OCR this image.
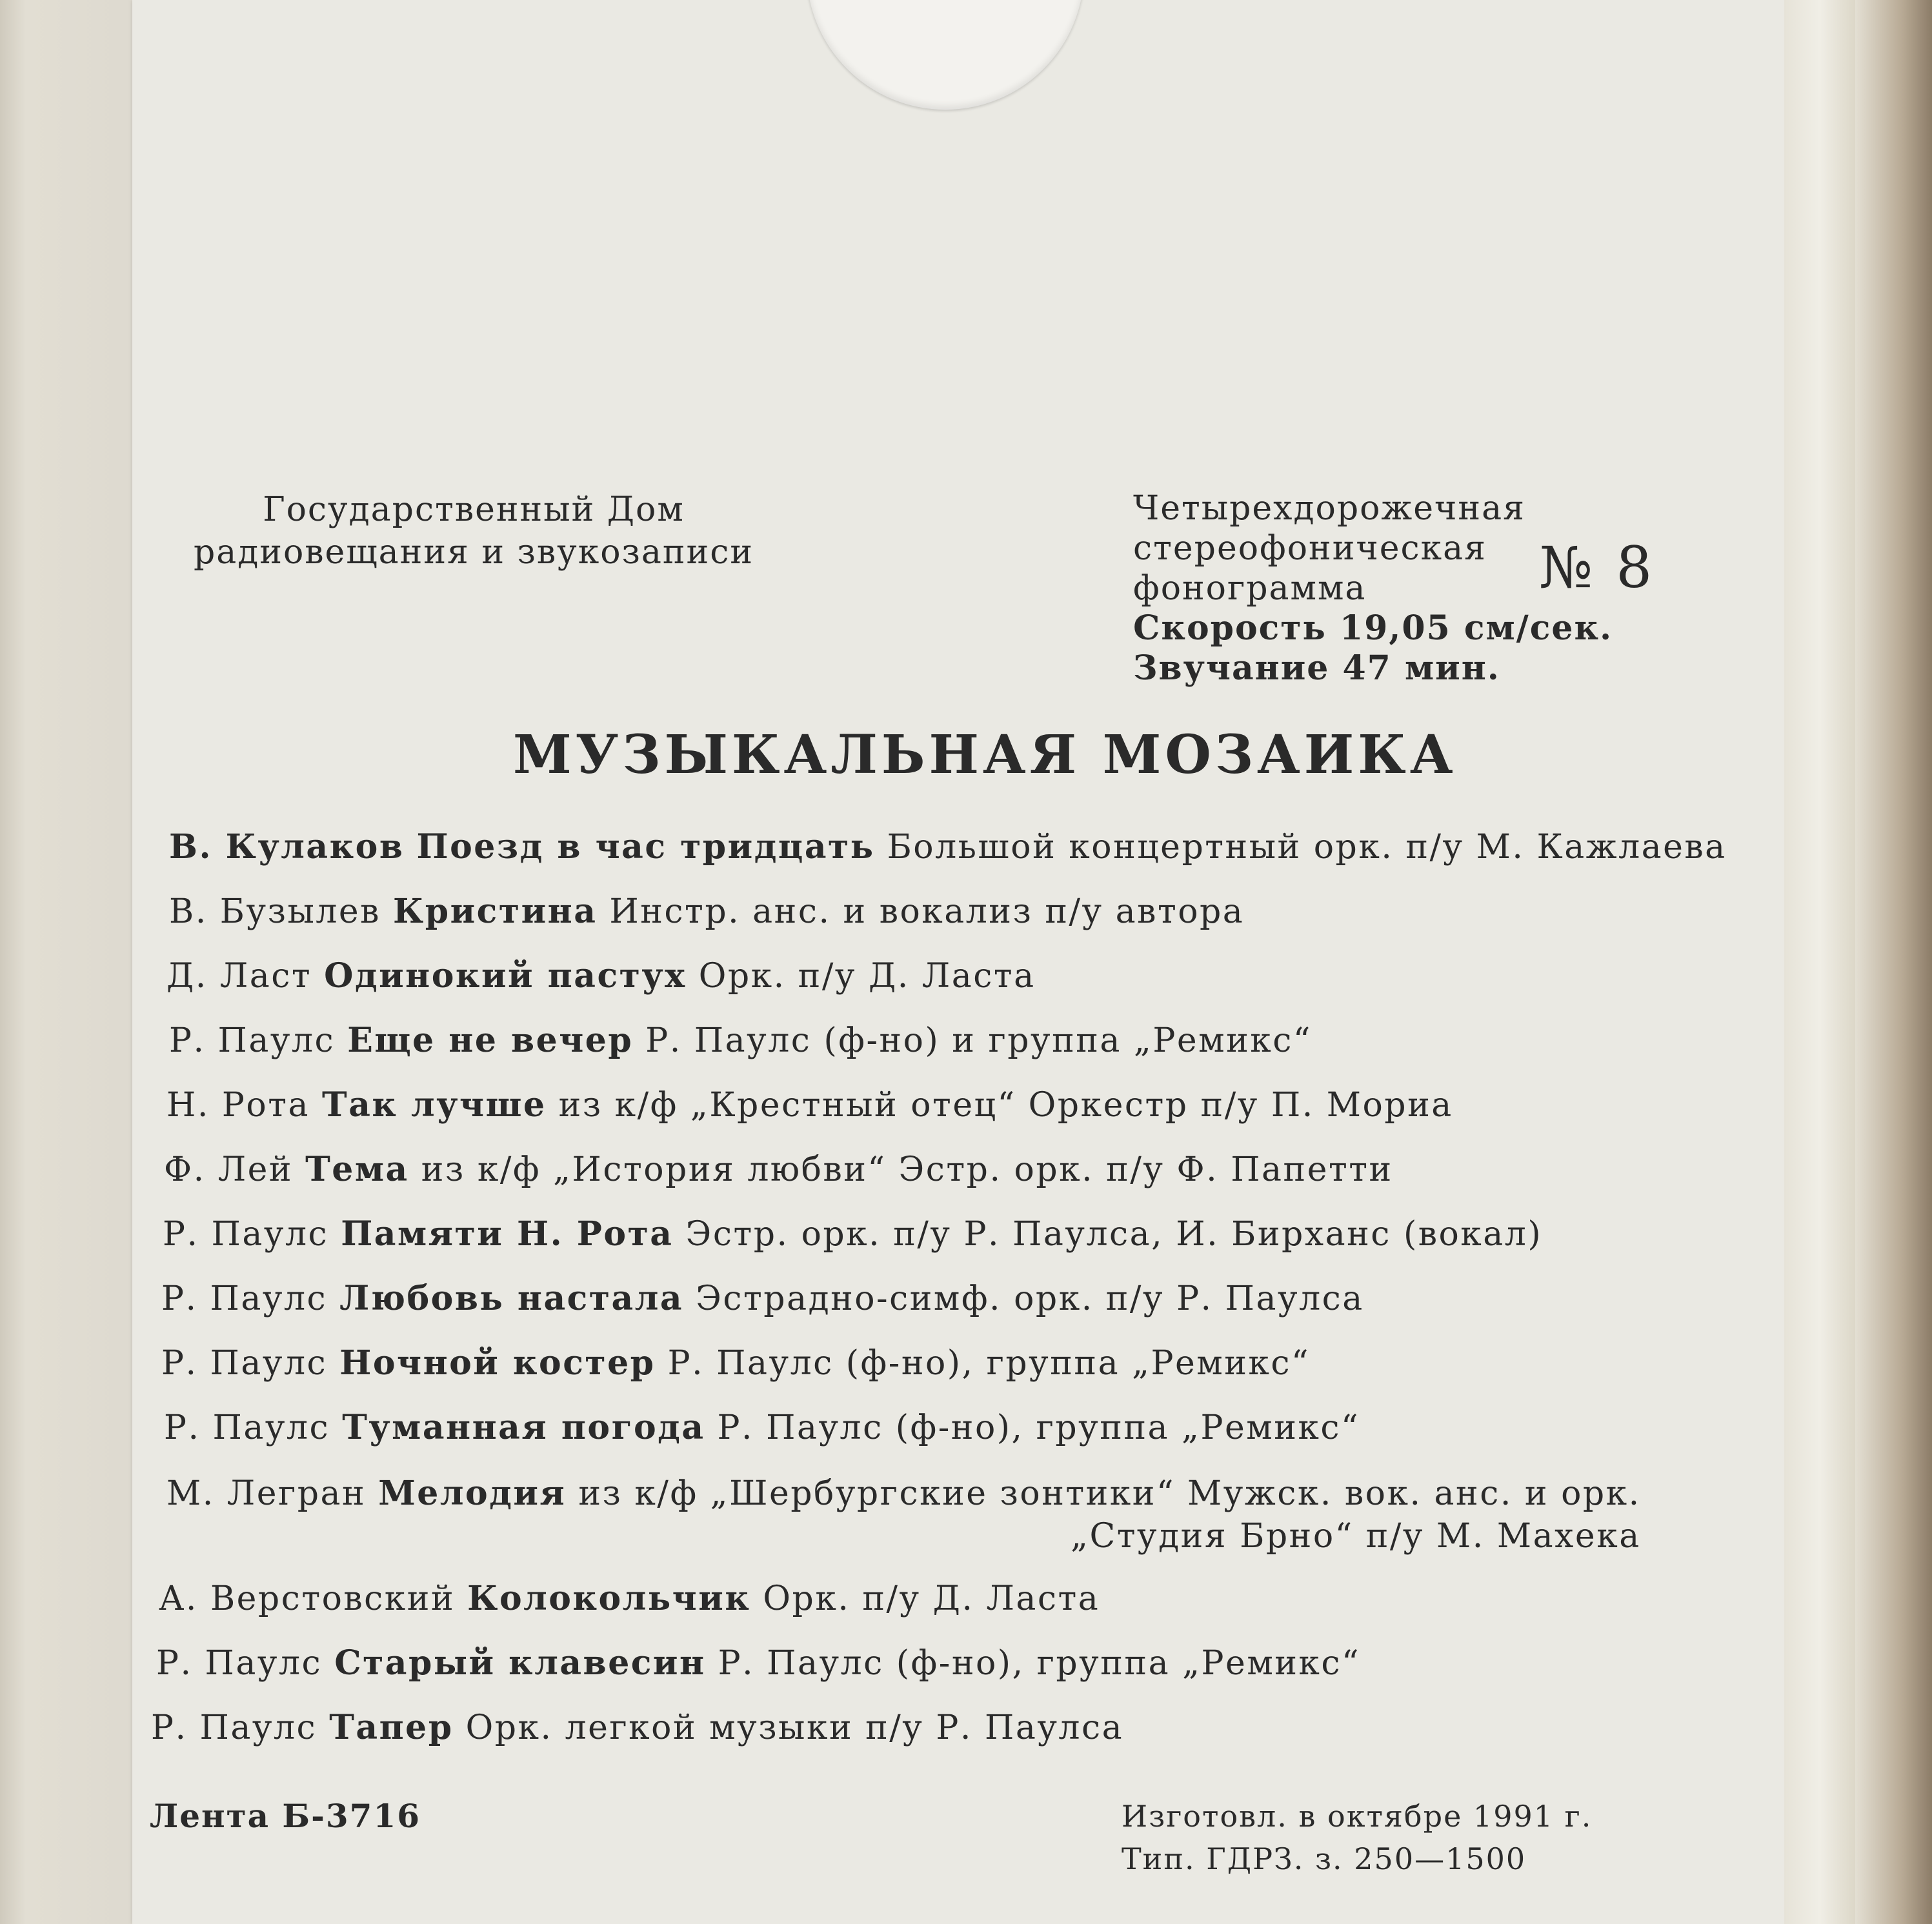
Государственный Дом
радиовещания и звукозаписи
Четырехдорожечная
стереофоническая
фонограмма
Скорость 19,05 см/сек.
Звучание 47 мин.
№ 8
МУЗЫКАЛЬНАЯ МОЗАИКА
В. Кулаков Поезд в час тридцать Большой концертный орк. п/у М. Кажлаева
В. Бузылев Кристина Инстр. анс. и вокализ п/у автора
Д. Ласт Одинокий пастух Орк. п/у Д. Ласта
Р. Паулс Еще не вечер Р. Паулс (ф-но) и группа „Ремикс“
Н. Рота Так лучше из к/ф „Крестный отец“ Оркестр п/у П. Мориа
Ф. Лей Тема из к/ф „История любви“ Эстр. орк. п/у Ф. Папетти
Р. Паулс Памяти Н. Рота Эстр. орк. п/у Р. Паулса, И. Бирханс (вокал)
Р. Паулс Любовь настала Эстрадно-симф. орк. п/у Р. Паулса
Р. Паулс Ночной костер Р. Паулс (ф-но), группа „Ремикс“
Р. Паулс Туманная погода Р. Паулс (ф-но), группа „Ремикс“
М. Легран Мелодия из к/ф „Шербургские зонтики“ Мужск. вок. анс. и орк.
„Студия Брно“ п/у М. Махека
А. Верстовский Колокольчик Орк. п/у Д. Ласта
Р. Паулс Старый клавесин Р. Паулс (ф-но), группа „Ремикс“
Р. Паулс Тапер Орк. легкой музыки п/у Р. Паулса
Лента Б-3716	Изготовл. в октябре 1991 г.
Тип. ГДРЗ. з. 250—1500
